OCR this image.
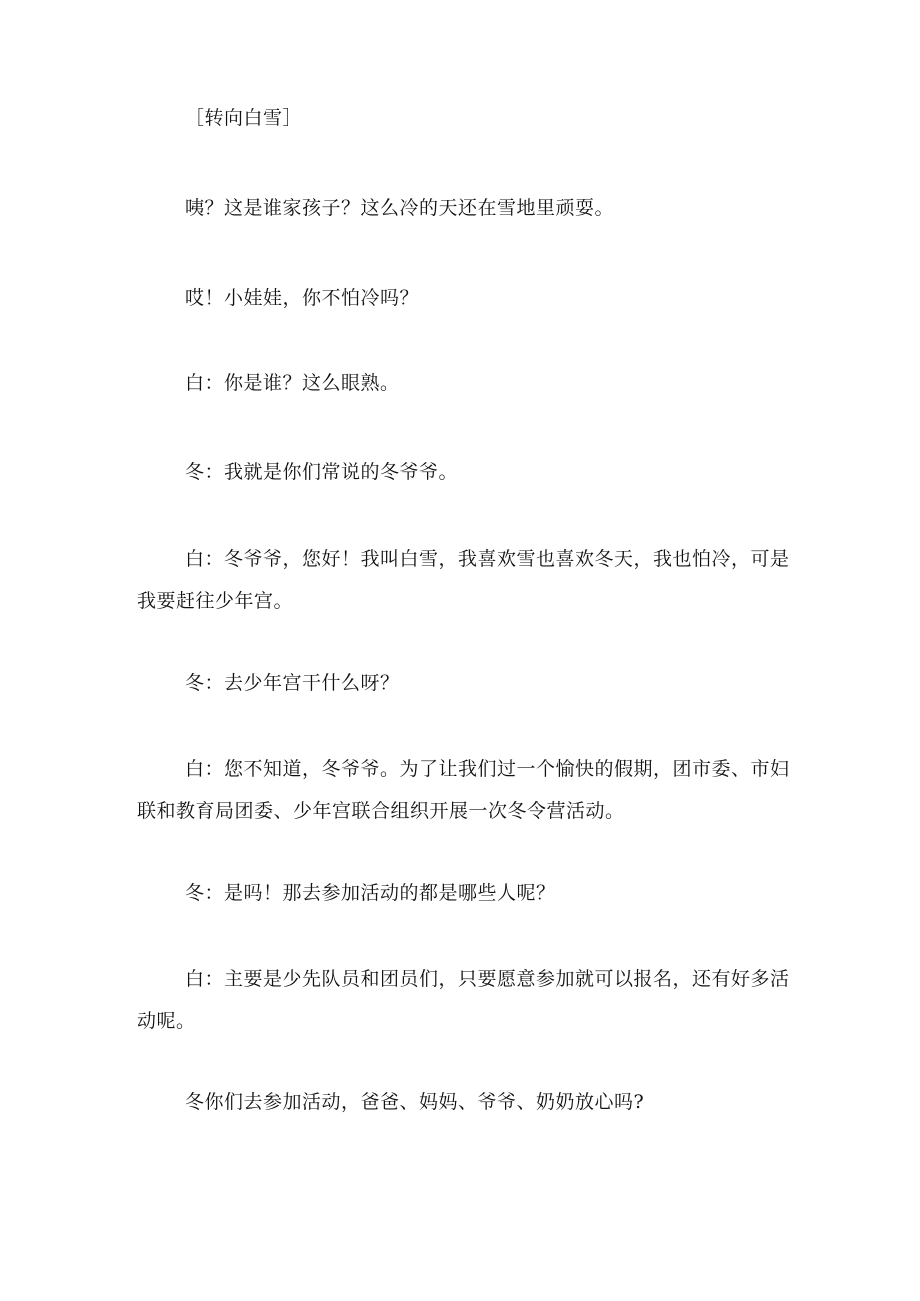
［转向白雪］

咦？这是谁家孩子？这么冷的天还在雪地里顽耍。

哎！小娃娃，你不怕冷吗？

白：你是谁？这么眼熟。

冬：我就是你们常说的冬爷爷。

白：冬爷爷，您好！我叫白雪，我喜欢雪也喜欢冬天，我也怕冷，可是我要赶往少年宫。

冬：去少年宫干什么呀？

白：您不知道，冬爷爷。为了让我们过一个愉快的假期，团市委、市妇联和教育局团委、少年宫联合组织开展一次冬令营活动。

冬：是吗！那去参加活动的都是哪些人呢？

白：主要是少先队员和团员们，只要愿意参加就可以报名，还有好多活动呢。

冬你们去参加活动，爸爸、妈妈、爷爷、奶奶放心吗?
